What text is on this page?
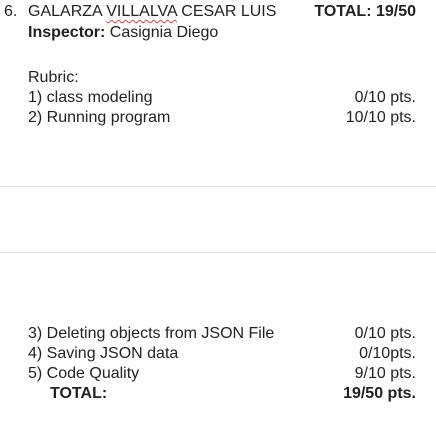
6. GALARZA VILLALVA CESAR LUIS TOTAL: 19/50
Inspector: Casignia Diego
Rubric:
1) class modeling	0/10 pts.
2) Running program	10/10 pts.
3) Deleting objects from JSON File	0/10 pts.
4) Saving JSON data	0/10pts.
5) Code Quality	9/10 pts.
TOTAL:	19/50 pts.
